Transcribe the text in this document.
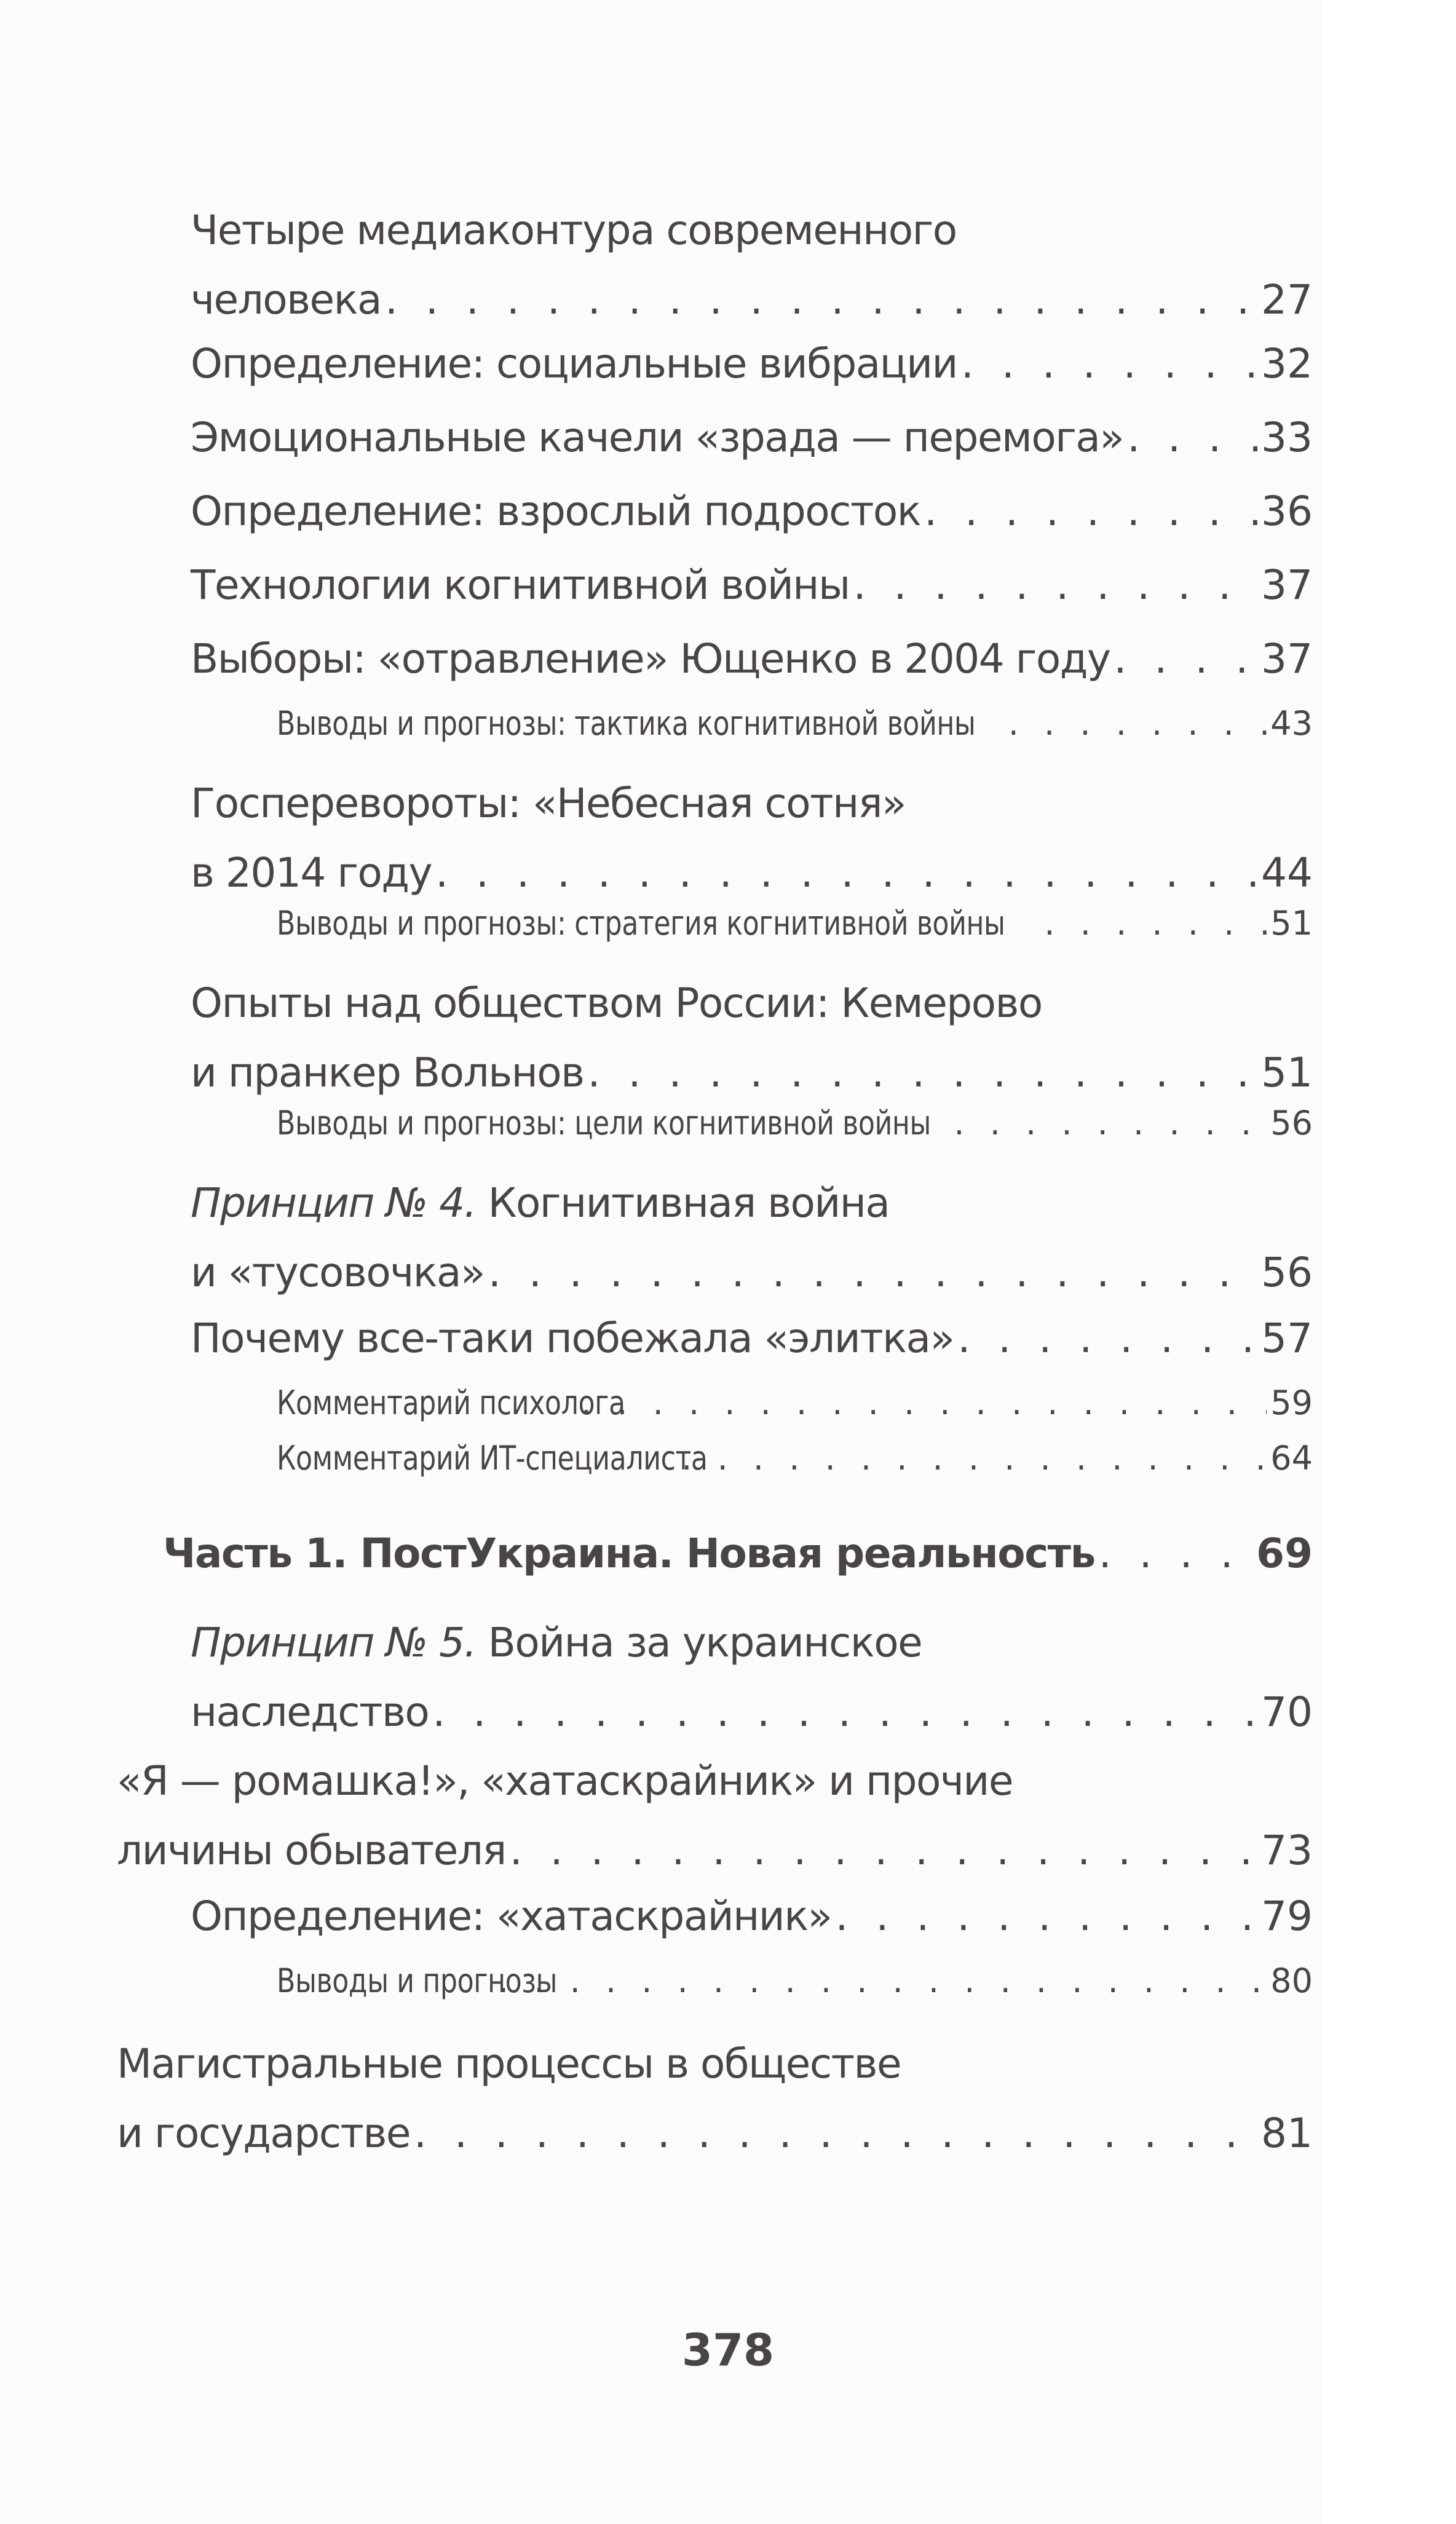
Четыре медиаконтура современного
человека . . .	27
Определение: социальные вибрации . . .	32
Эмоциональные качели «зрада — перемога» . . .	33
Определение: взрослый подросток . . .	36
Технологии когнитивной войны . . .	37
Выборы: «отравление» Ющенко в 2004 году . . .	37
Выводы и прогнозы: тактика когнитивной войны . . .	43
Госперевороты: «Небесная сотня»
в 2014 году . . .	44
Выводы и прогнозы: стратегия когнитивной войны . . .	51
Опыты над обществом России: Кемерово
и пранкер Вольнов . . .	51
Выводы и прогнозы: цели когнитивной войны . . .	56
Принцип № 4. Когнитивная война
и «тусовочка» . . .	56
Почему все-таки побежала «элитка» . . .	57
Комментарий психолога . . .	59
Комментарий ИТ-специалиста . . .	64
Часть 1. ПостУкраина. Новая реальность . . .	69
Принцип № 5. Война за украинское
наследство . . .	70
«Я — ромашка!», «хатаскрайник» и прочие
личины обывателя . . .	73
Определение: «хатаскрайник» . . .	79
Выводы и прогнозы . . .	80
Магистральные процессы в обществе
и государстве . . .	81
378
